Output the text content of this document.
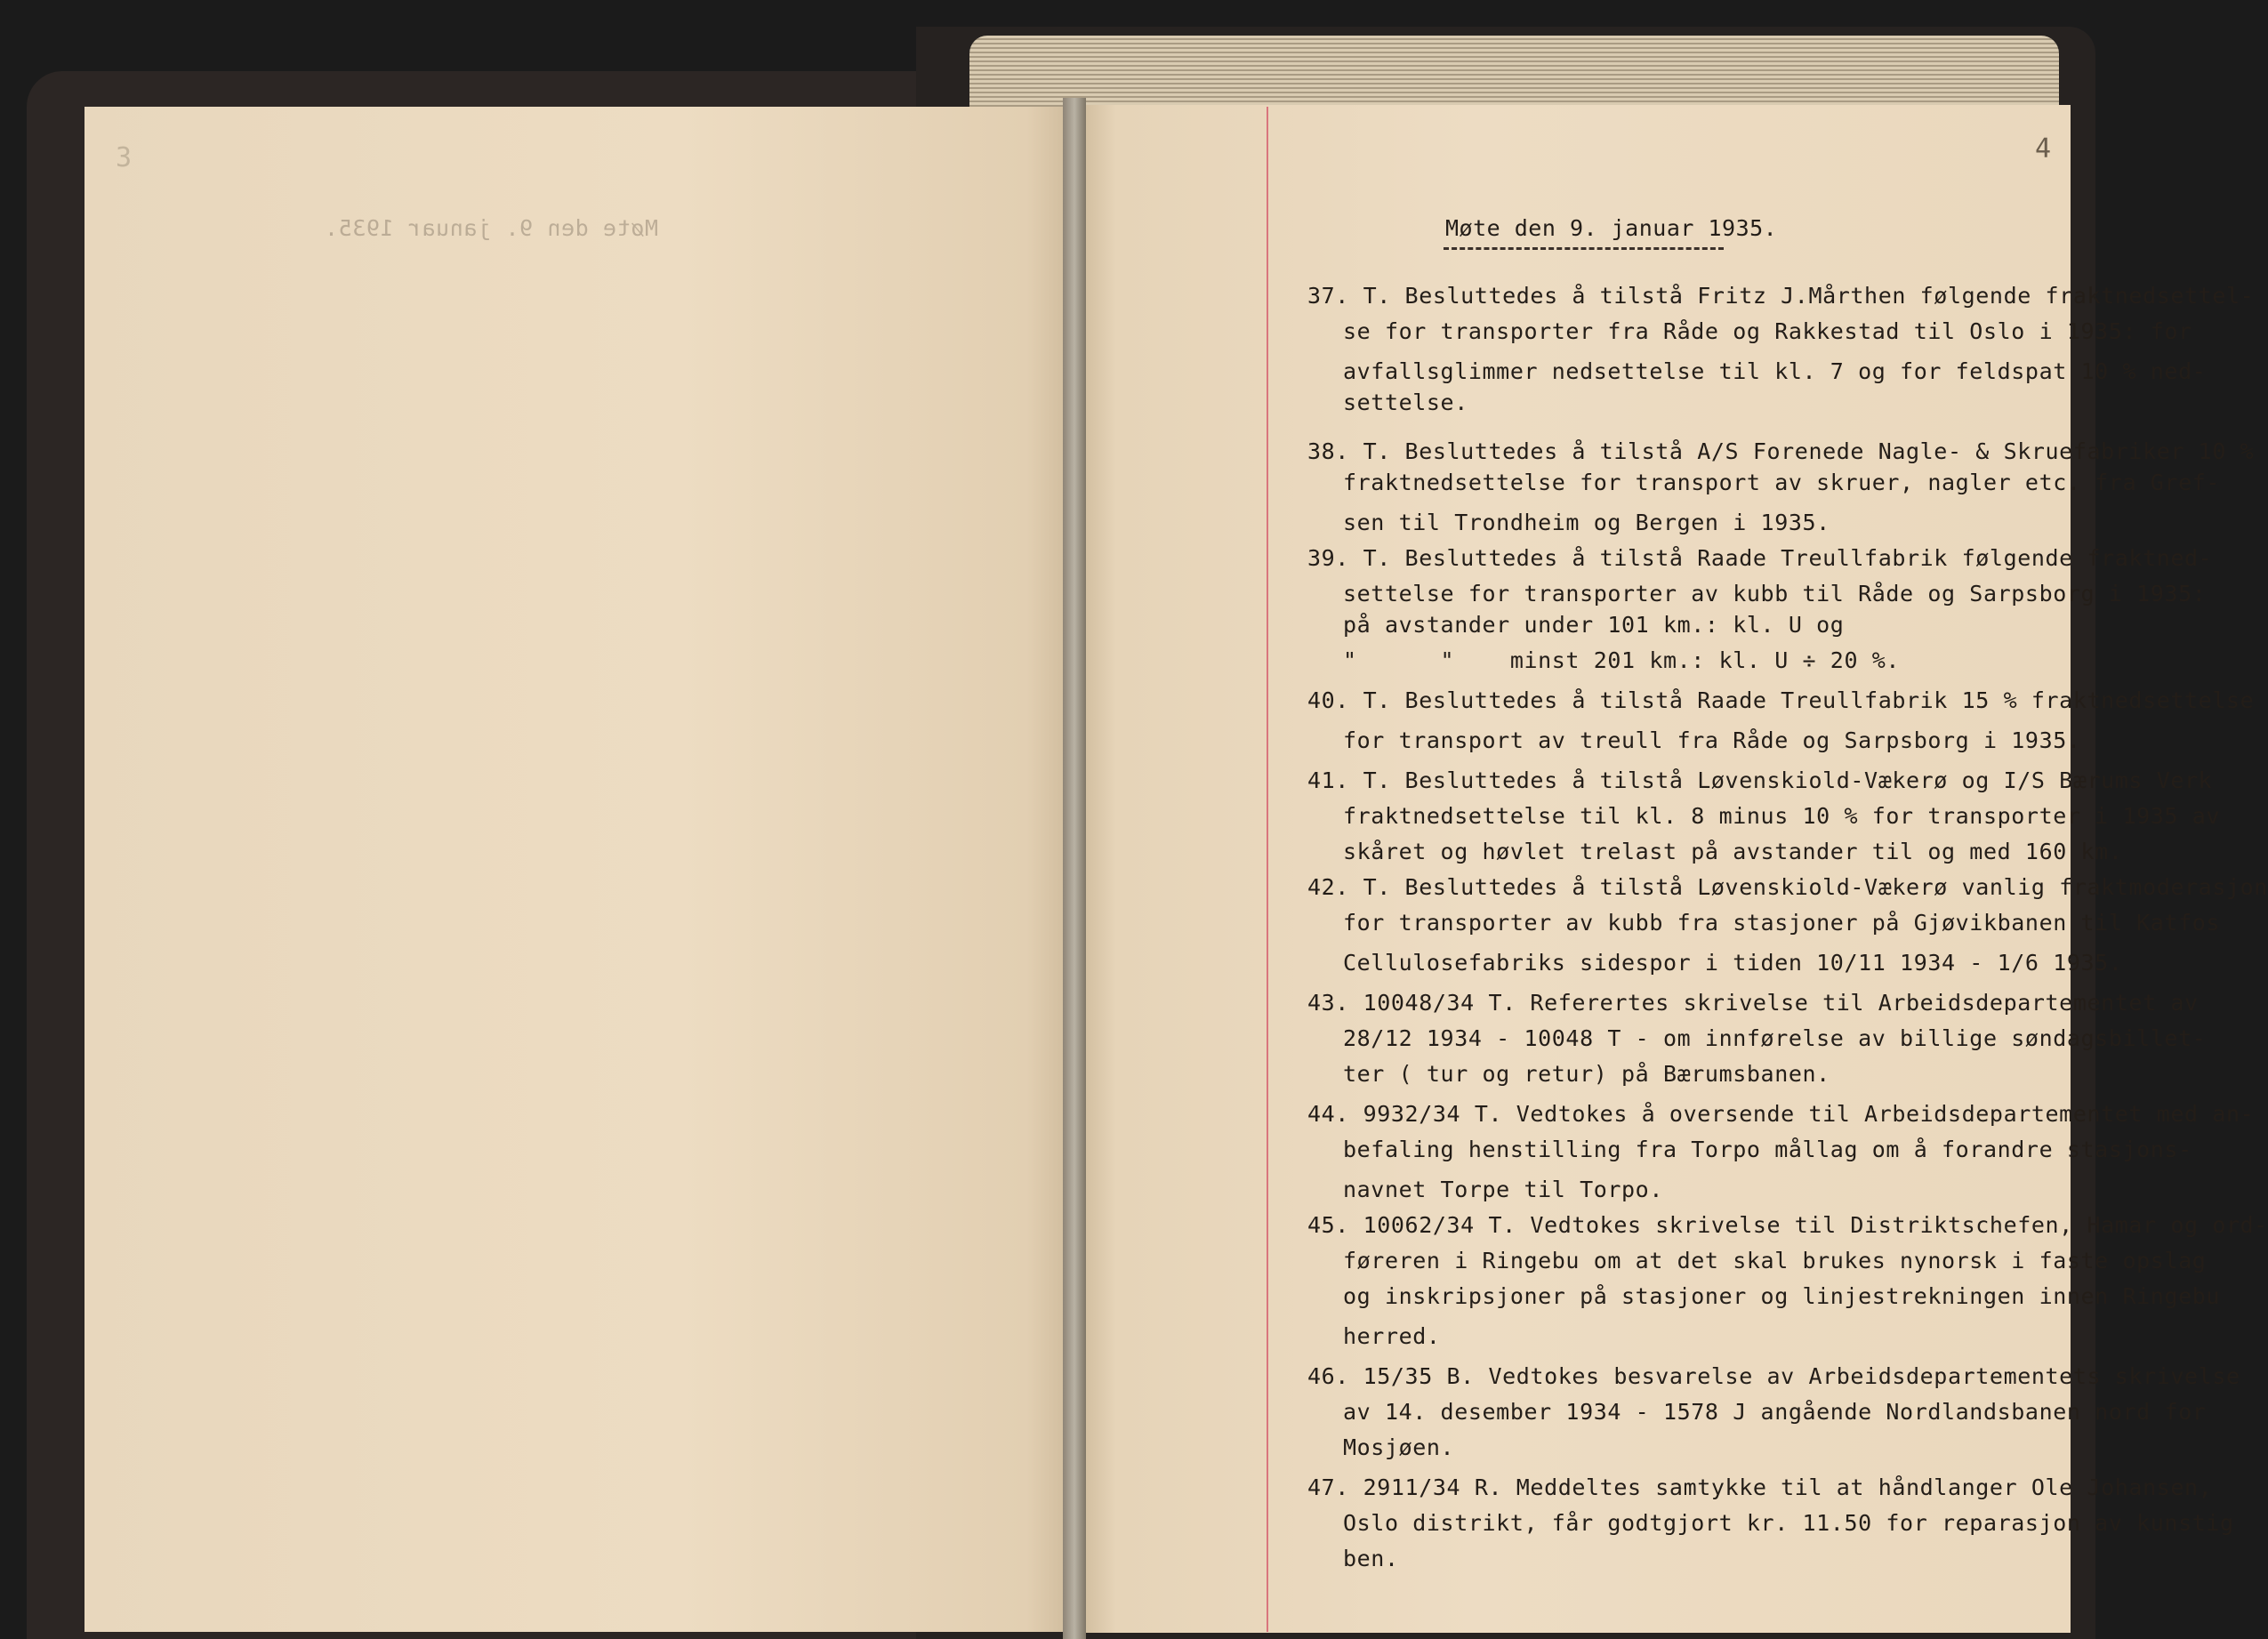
3	4
Møte den 9. januar 1935.	Møte den 9. januar 1935.
37. T. Besluttedes å tilstå Fritz J.Mårthen følgende fraktnedsettel-
se for transporter fra Råde og Rakkestad til Oslo i 1935: for
avfallsglimmer nedsettelse til kl. 7 og for feldspat 10 % ned-
settelse.
38. T. Besluttedes å tilstå A/S Forenede Nagle- & Skruefabriker 10 %
fraktnedsettelse for transport av skruer, nagler etc. fra Gref-
sen til Trondheim og Bergen i 1935.
39. T. Besluttedes å tilstå Raade Treullfabrik følgende fraktned-
settelse for transporter av kubb til Råde og Sarpsborg i 1935:
på avstander under 101 km.: kl. U og
"      "    minst 201 km.: kl. U ÷ 20 %.
40. T. Besluttedes å tilstå Raade Treullfabrik 15 % fraktnedsettelse
for transport av treull fra Råde og Sarpsborg i 1935.
41. T. Besluttedes å tilstå Løvenskiold-Vækerø og I/S Bærums Verk
fraktnedsettelse til kl. 8 minus 10 % for transporter i 1935 av
skåret og høvlet trelast på avstander til og med 160 km.
42. T. Besluttedes å tilstå Løvenskiold-Vækerø vanlig fraktmoderasjon
for transporter av kubb fra stasjoner på Gjøvikbanen til Katfos
Cellulosefabriks sidespor i tiden 10/11 1934 - 1/6 1935.
43. 10048/34 T. Referertes skrivelse til Arbeidsdepartementet av
28/12 1934 - 10048 T - om innførelse av billige søndagsbillet-
ter ( tur og retur) på Bærumsbanen.
44. 9932/34 T. Vedtokes å oversende til Arbeidsdepartementet med an-
befaling henstilling fra Torpo mållag om å forandre stasjons-
navnet Torpe til Torpo.
45. 10062/34 T. Vedtokes skrivelse til Distriktschefen, Hamar og ord-
føreren i Ringebu om at det skal brukes nynorsk i faste opslag
og inskripsjoner på stasjoner og linjestrekningen innen Ringebu
herred.
46. 15/35 B. Vedtokes besvarelse av Arbeidsdepartementets skrivelse
av 14. desember 1934 - 1578 J angående Nordlandsbanen nord for
Mosjøen.
47. 2911/34 R. Meddeltes samtykke til at håndlanger Ole Johansen,
Oslo distrikt, får godtgjort kr. 11.50 for reparasjon av kunstig
ben.
